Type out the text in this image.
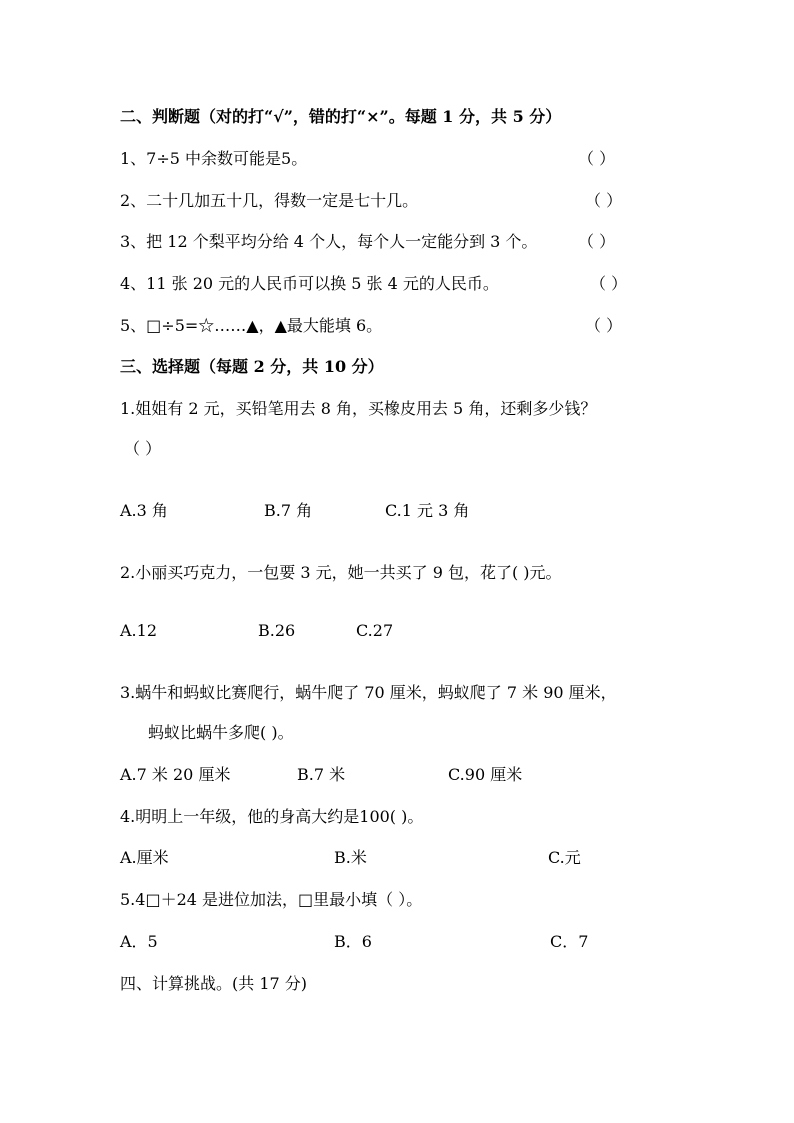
二、判断题（对的打“√”，错的打“×”。每题 1 分，共 5 分）
1、7÷5 中余数可能是5。	（ ）
2、二十几加五十几，得数一定是七十几。	（ ）
3、把 12 个梨平均分给 4 个人，每个人一定能分到 3 个。	（ ）
4、11 张 20 元的人民币可以换 5 张 4 元的人民币。	（ ）
5、□÷5=☆……▲，▲最大能填 6。	（ ）
三、选择题（每题 2 分，共 10 分）
1.姐姐有 2 元，买铅笔用去 8 角，买橡皮用去 5 角，还剩多少钱？
（ ）
A.3 角	B.7 角	C.1 元 3 角
2.小丽买巧克力，一包要 3 元，她一共买了 9 包，花了( )元。
A.12	B.26	C.27
3.蜗牛和蚂蚁比赛爬行，蜗牛爬了 70 厘米，蚂蚁爬了 7 米 90 厘米，
蚂蚁比蜗牛多爬( )。
A.7 米 20 厘米	B.7 米	C.90 厘米
4.明明上一年级，他的身高大约是100( )。
A.厘米	B.米	C.元
5.4□＋24 是进位加法，□里最小填（ ）。
A．5	B．6	C．7
四、计算挑战。(共 17 分)
